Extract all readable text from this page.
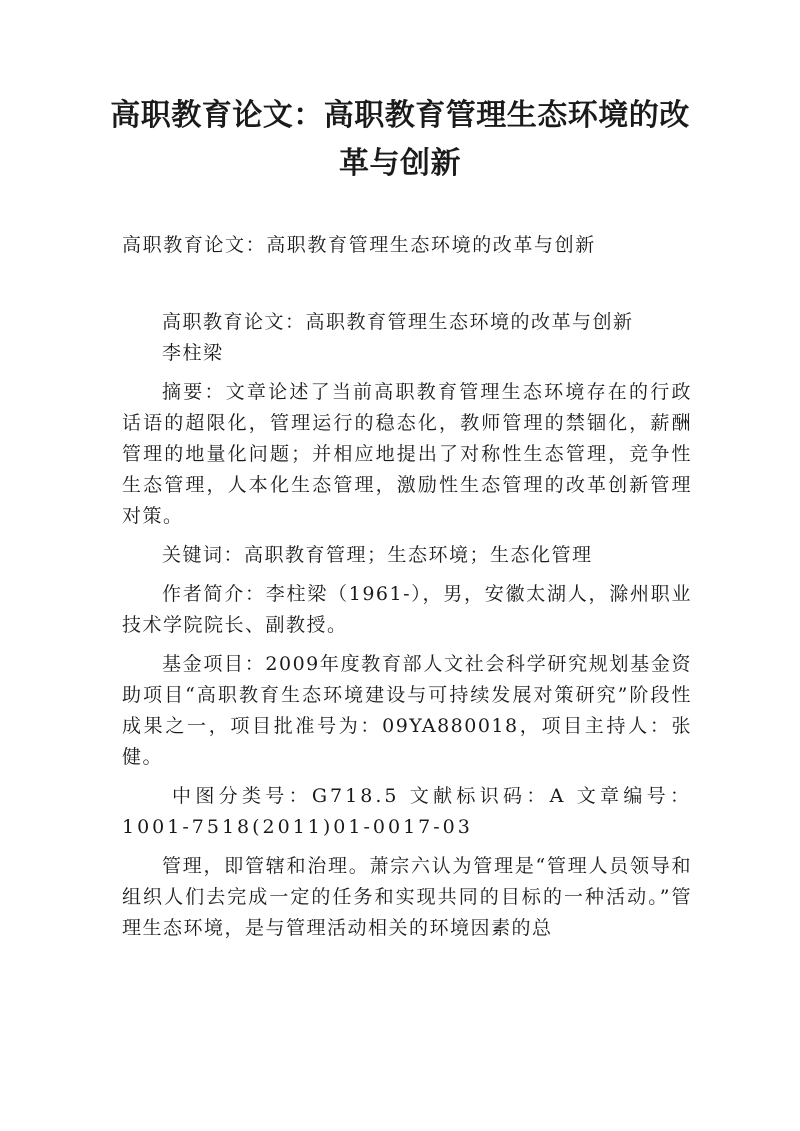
高职教育论文：高职教育管理生态环境的改革与创新

高职教育论文：高职教育管理生态环境的改革与创新

高职教育论文：高职教育管理生态环境的改革与创新

李柱梁

摘要：文章论述了当前高职教育管理生态环境存在的行政话语的超限化，管理运行的稳态化，教师管理的禁锢化，薪酬管理的地量化问题；并相应地提出了对称性生态管理，竞争性生态管理，人本化生态管理，激励性生态管理的改革创新管理对策。

关键词：高职教育管理；生态环境；生态化管理

作者简介：李柱梁（1961-），男，安徽太湖人，滁州职业技术学院院长、副教授。

基金项目：2009年度教育部人文社会科学研究规划基金资助项目“高职教育生态环境建设与可持续发展对策研究”阶段性成果之一，项目批准号为：09YA880018，项目主持人：张健。

中图分类号：G718.5 文献标识码：A 文章编号：1001-7518(2011)01-0017-03

管理，即管辖和治理。萧宗六认为管理是“管理人员领导和组织人们去完成一定的任务和实现共同的目标的一种活动。”管理生态环境，是与管理活动相关的环境因素的总
